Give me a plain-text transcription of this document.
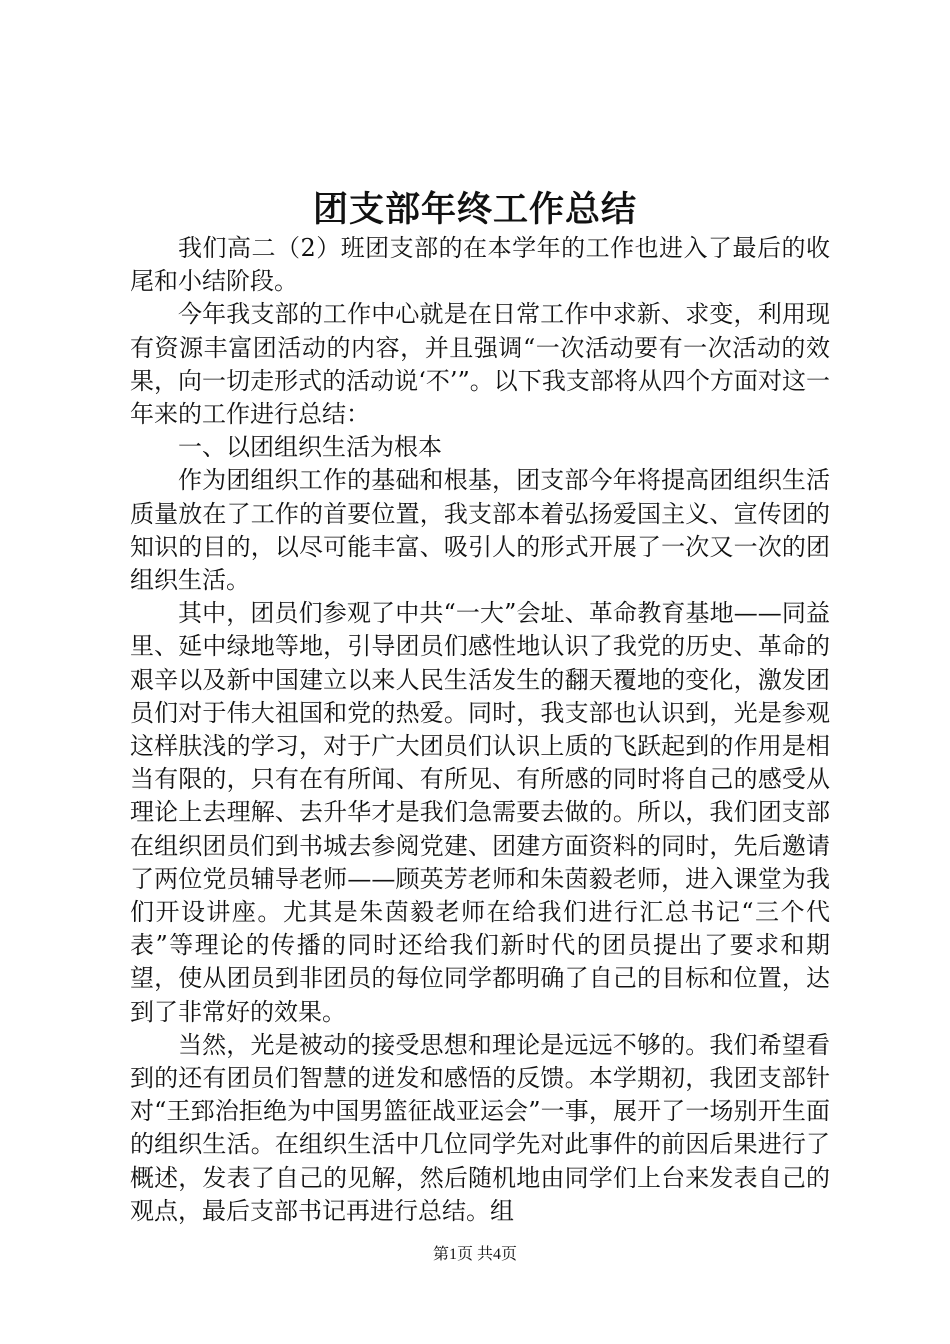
团支部年终工作总结

我们高二（2）班团支部的在本学年的工作也进入了最后的收尾和小结阶段。

今年我支部的工作中心就是在日常工作中求新、求变，利用现有资源丰富团活动的内容，并且强调“一次活动要有一次活动的效果，向一切走形式的活动说‘不’”。以下我支部将从四个方面对这一年来的工作进行总结：

一、以团组织生活为根本

作为团组织工作的基础和根基，团支部今年将提高团组织生活质量放在了工作的首要位置，我支部本着弘扬爱国主义、宣传团的知识的目的，以尽可能丰富、吸引人的形式开展了一次又一次的团组织生活。

其中，团员们参观了中共“一大”会址、革命教育基地——同益里、延中绿地等地，引导团员们感性地认识了我党的历史、革命的艰辛以及新中国建立以来人民生活发生的翻天覆地的变化，激发团员们对于伟大祖国和党的热爱。同时，我支部也认识到，光是参观这样肤浅的学习，对于广大团员们认识上质的飞跃起到的作用是相当有限的，只有在有所闻、有所见、有所感的同时将自己的感受从理论上去理解、去升华才是我们急需要去做的。所以，我们团支部在组织团员们到书城去参阅党建、团建方面资料的同时，先后邀请了两位党员辅导老师——顾英芳老师和朱茵毅老师，进入课堂为我们开设讲座。尤其是朱茵毅老师在给我们进行汇总书记“三个代表”等理论的传播的同时还给我们新时代的团员提出了要求和期望，使从团员到非团员的每位同学都明确了自己的目标和位置，达到了非常好的效果。

当然，光是被动的接受思想和理论是远远不够的。我们希望看到的还有团员们智慧的迸发和感悟的反馈。本学期初，我团支部针对“王郅治拒绝为中国男篮征战亚运会”一事，展开了一场别开生面的组织生活。在组织生活中几位同学先对此事件的前因后果进行了概述，发表了自己的见解，然后随机地由同学们上台来发表自己的观点，最后支部书记再进行总结。组

第1页 共4页
